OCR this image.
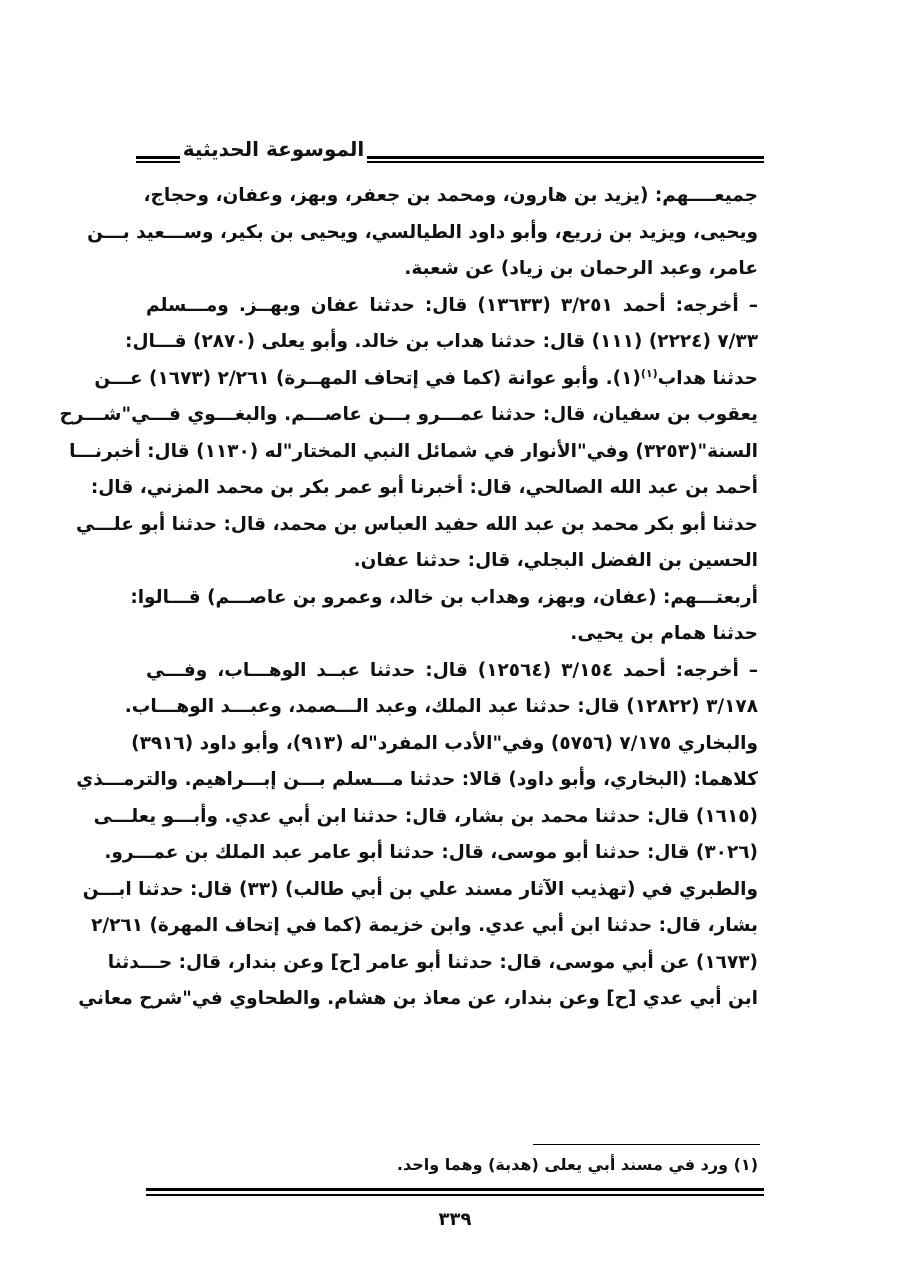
الموسوعة الحديثية
جميعــــهم: (يزيد بن هارون، ومحمد بن جعفر، وبهز، وعفان، وحجاج،
ويحيى، ويزيد بن زريع، وأبو داود الطيالسي، ويحيى بن بكير، وســـعيد بـــن
عامر، وعبد الرحمان بن زياد) عن شعبة.
– أخرجه: أحمد ٣/٢٥١ (١٣٦٣٣) قال: حدثنا عفان وبهــز. ومـــسلم
٧/٣٣ (٢٢٢٤) (١١١) قال: حدثنا هداب بن خالد. وأبو يعلى (٢٨٧٠) قـــال:
حدثنا هداب$^{(١)}$(١). وأبو عوانة (كما في إتحاف المهــرة) ٢/٢٦١ (١٦٧٣) عـــن
يعقوب بن سفيان، قال: حدثنا عمـــرو بـــن عاصـــم. والبغـــوي فـــي"شـــرح
السنة"(٣٢٥٣) وفي"الأنوار في شمائل النبي المختار"له (١١٣٠) قال: أخبرنـــا
أحمد بن عبد الله الصالحي، قال: أخبرنا أبو عمر بكر بن محمد المزني، قال:
حدثنا أبو بكر محمد بن عبد الله حفيد العباس بن محمد، قال: حدثنا أبو علـــي
الحسين بن الفضل البجلي، قال: حدثنا عفان.
أربعتـــهم: (عفان، وبهز، وهداب بن خالد، وعمرو بن عاصـــم) قـــالوا:
حدثنا همام بن يحيى.
– أخرجه: أحمد ٣/١٥٤ (١٢٥٦٤) قال: حدثنا عبــد الوهـــاب، وفـــي
٣/١٧٨ (١٢٨٢٢) قال: حدثنا عبد الملك، وعبد الـــصمد، وعبـــد الوهـــاب.
والبخاري ٧/١٧٥ (٥٧٥٦) وفي"الأدب المفرد"له (٩١٣)، وأبو داود (٣٩١٦)
كلاهما: (البخاري، وأبو داود) قالا: حدثنا مـــسلم بـــن إبـــراهيم. والترمـــذي
(١٦١٥) قال: حدثنا محمد بن بشار، قال: حدثنا ابن أبي عدي. وأبـــو يعلـــى
(٣٠٢٦) قال: حدثنا أبو موسى، قال: حدثنا أبو عامر عبد الملك بن عمـــرو.
والطبري في (تهذيب الآثار مسند علي بن أبي طالب) (٣٣) قال: حدثنا ابـــن
بشار، قال: حدثنا ابن أبي عدي. وابن خزيمة (كما في إتحاف المهرة) ٢/٢٦١
(١٦٧٣) عن أبي موسى، قال: حدثنا أبو عامر [ح] وعن بندار، قال: حـــدثنا
ابن أبي عدي [ح] وعن بندار، عن معاذ بن هشام. والطحاوي في"شرح معاني
(١) ورد في مسند أبي يعلى (هدبة) وهما واحد.
٣٣٩
